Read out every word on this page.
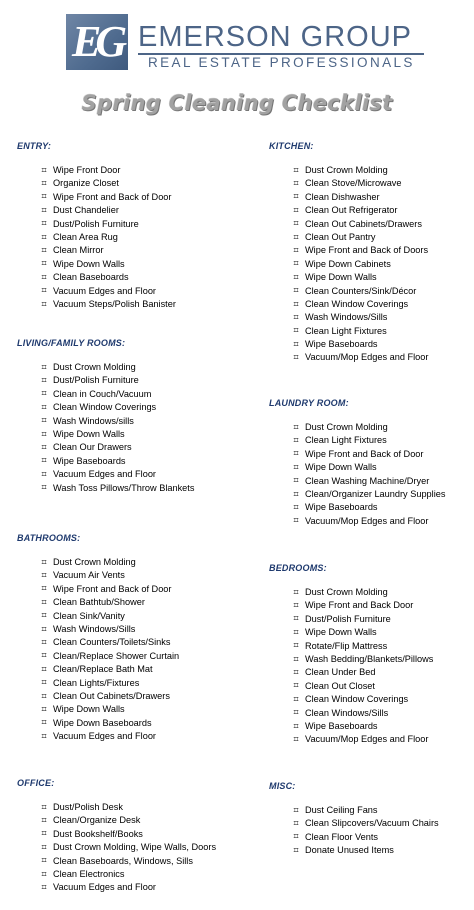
EG EMERSON GROUP
REAL ESTATE PROFESSIONALS
Spring Cleaning Checklist
ENTRY:
⌗ Wipe Front Door
⌗ Organize Closet
⌗ Wipe Front and Back of Door
⌗ Dust Chandelier
⌗ Dust/Polish Furniture
⌗ Clean Area Rug
⌗ Clean Mirror
⌗ Wipe Down Walls
⌗ Clean Baseboards
⌗ Vacuum Edges and Floor
⌗ Vacuum Steps/Polish Banister
LIVING/FAMILY ROOMS:
⌗ Dust Crown Molding
⌗ Dust/Polish Furniture
⌗ Clean in Couch/Vacuum
⌗ Clean Window Coverings
⌗ Wash Windows/sills
⌗ Wipe Down Walls
⌗ Clean Our Drawers
⌗ Wipe Baseboards
⌗ Vacuum Edges and Floor
⌗ Wash Toss Pillows/Throw Blankets
BATHROOMS:
⌗ Dust Crown Molding
⌗ Vacuum Air Vents
⌗ Wipe Front and Back of Door
⌗ Clean Bathtub/Shower
⌗ Clean Sink/Vanity
⌗ Wash Windows/Sills
⌗ Clean Counters/Toilets/Sinks
⌗ Clean/Replace Shower Curtain
⌗ Clean/Replace Bath Mat
⌗ Clean Lights/Fixtures
⌗ Clean Out Cabinets/Drawers
⌗ Wipe Down Walls
⌗ Wipe Down Baseboards
⌗ Vacuum Edges and Floor
OFFICE:
⌗ Dust/Polish Desk
⌗ Clean/Organize Desk
⌗ Dust Bookshelf/Books
⌗ Dust Crown Molding, Wipe Walls, Doors
⌗ Clean Baseboards, Windows, Sills
⌗ Clean Electronics
⌗ Vacuum Edges and Floor
KITCHEN:
⌗ Dust Crown Molding
⌗ Clean Stove/Microwave
⌗ Clean Dishwasher
⌗ Clean Out Refrigerator
⌗ Clean Out Cabinets/Drawers
⌗ Clean Out Pantry
⌗ Wipe Front and Back of Doors
⌗ Wipe Down Cabinets
⌗ Wipe Down Walls
⌗ Clean Counters/Sink/Décor
⌗ Clean Window Coverings
⌗ Wash Windows/Sills
⌗ Clean Light Fixtures
⌗ Wipe Baseboards
⌗ Vacuum/Mop Edges and Floor
LAUNDRY ROOM:
⌗ Dust Crown Molding
⌗ Clean Light Fixtures
⌗ Wipe Front and Back of Door
⌗ Wipe Down Walls
⌗ Clean Washing Machine/Dryer
⌗ Clean/Organizer Laundry Supplies
⌗ Wipe Baseboards
⌗ Vacuum/Mop Edges and Floor
BEDROOMS:
⌗ Dust Crown Molding
⌗ Wipe Front and Back Door
⌗ Dust/Polish Furniture
⌗ Wipe Down Walls
⌗ Rotate/Flip Mattress
⌗ Wash Bedding/Blankets/Pillows
⌗ Clean Under Bed
⌗ Clean Out Closet
⌗ Clean Window Coverings
⌗ Clean Windows/Sills
⌗ Wipe Baseboards
⌗ Vacuum/Mop Edges and Floor
MISC:
⌗ Dust Ceiling Fans
⌗ Clean Slipcovers/Vacuum Chairs
⌗ Clean Floor Vents
⌗ Donate Unused Items
